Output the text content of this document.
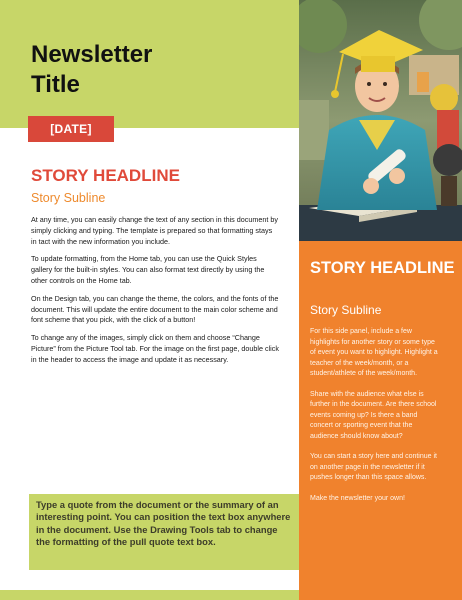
Newsletter
Title
[DATE]
STORY HEADLINE

Story Subline

At any time, you can easily change the text of any section in this document by simply clicking and typing. The template is prepared so that formatting stays in tact with the new information you include.

To update formatting, from the Home tab, you can use the Quick Styles gallery for the built-in styles. You can also format text directly by using the other controls on the Home tab.

On the Design tab, you can change the theme, the colors, and the fonts of the document. This will update the entire document to the main color scheme and font scheme that you pick, with the click of a button!

To change any of the images, simply click on them and choose “Change Picture” from the Picture Tool tab. For the image on the first page, double click in the header to access the image and update it as necessary.

STORY HEADLINE

Story Subline

For this side panel, include a few highlights for another story or some type of event you want to highlight. Highlight a teacher of the week/month, or a student/athlete of the week/month.

Share with the audience what else is further in the document. Are there school events coming up? Is there a band concert or sporting event that the audience should know about?

You can start a story here and continue it on another page in the newsletter if it pushes longer than this space allows.

Make the newsletter your own!

Type a quote from the document or the summary of an interesting point. You can position the text box anywhere in the document. Use the Drawing Tools tab to change the formatting of the pull quote text box.
